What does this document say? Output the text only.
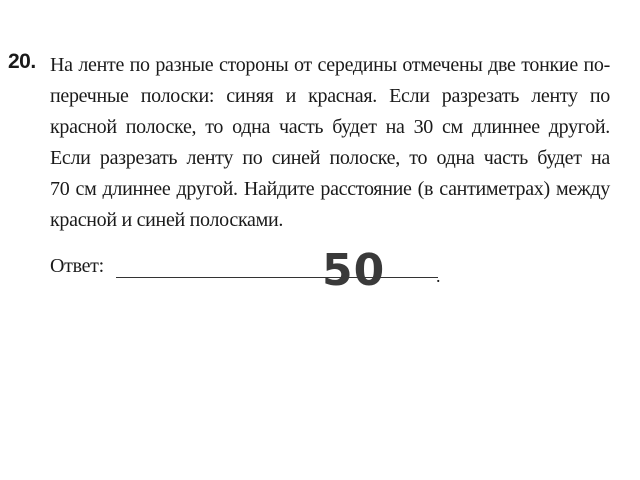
20. На ленте по разные стороны от середины отмечены две тонкие по-
перечные полоски: синяя и красная. Если разрезать ленту по
красной полоске, то одна часть будет на 30 см длиннее другой.
Если разрезать ленту по синей полоске, то одна часть будет на
70 см длиннее другой. Найдите расстояние (в сантиметрах) между
красной и синей полосками.

Ответ:	.
50
